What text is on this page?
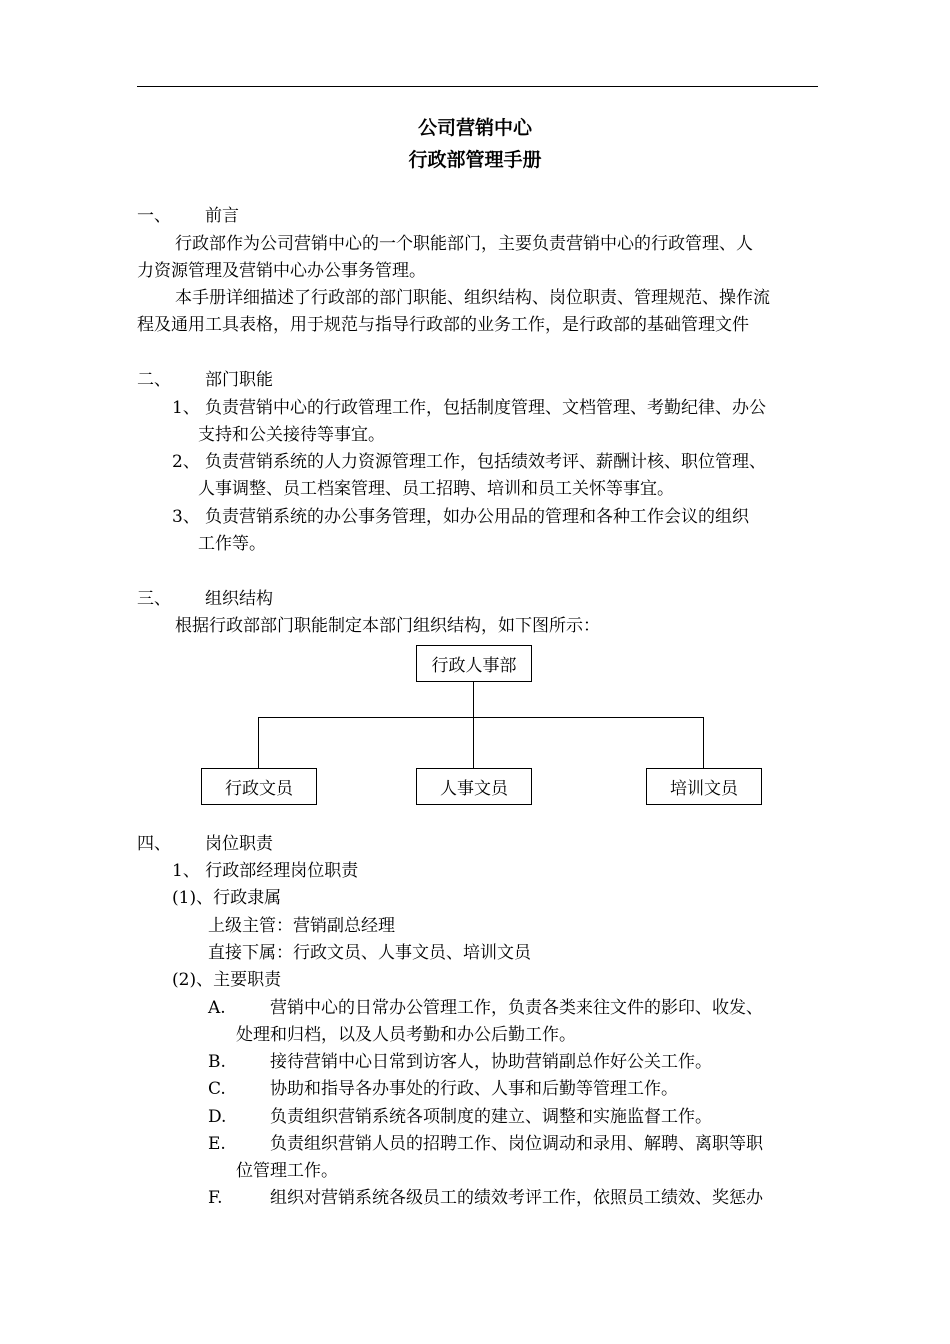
公司营销中心
行政部管理手册
一、 前言
行政部作为公司营销中心的一个职能部门，主要负责营销中心的行政管理、人
力资源管理及营销中心办公事务管理。
本手册详细描述了行政部的部门职能、组织结构、岗位职责、管理规范、操作流
程及通用工具表格，用于规范与指导行政部的业务工作，是行政部的基础管理文件
二、 部门职能
1、 负责营销中心的行政管理工作，包括制度管理、文档管理、考勤纪律、办公
支持和公关接待等事宜。
2、 负责营销系统的人力资源管理工作，包括绩效考评、薪酬计核、职位管理、
人事调整、员工档案管理、员工招聘、培训和员工关怀等事宜。
3、 负责营销系统的办公事务管理，如办公用品的管理和各种工作会议的组织
工作等。
三、 组织结构
根据行政部部门职能制定本部门组织结构，如下图所示：
行政人事部
行政文员	人事文员	培训文员
四、 岗位职责
1、 行政部经理岗位职责
(1)、行政隶属
上级主管：营销副总经理
直接下属：行政文员、人事文员、培训文员
(2)、主要职责
A.	营销中心的日常办公管理工作，负责各类来往文件的影印、收发、
处理和归档，以及人员考勤和办公后勤工作。
B.	接待营销中心日常到访客人，协助营销副总作好公关工作。
C.	协助和指导各办事处的行政、人事和后勤等管理工作。
D.	负责组织营销系统各项制度的建立、调整和实施监督工作。
E.	负责组织营销人员的招聘工作、岗位调动和录用、解聘、离职等职
位管理工作。
F.	组织对营销系统各级员工的绩效考评工作，依照员工绩效、奖惩办
